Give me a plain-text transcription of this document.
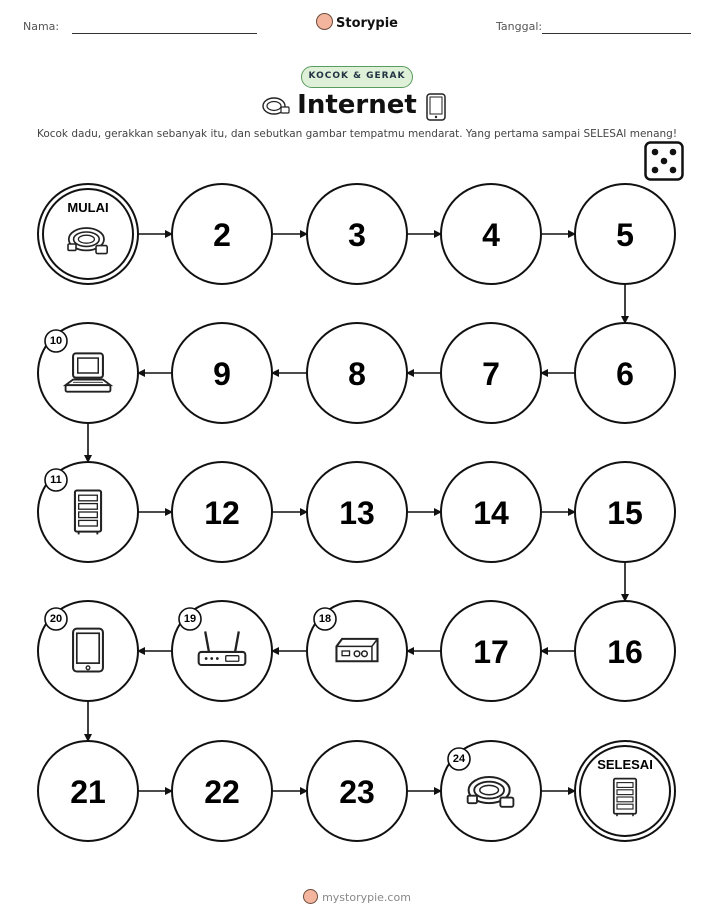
Nama:	Storypie	Tanggal:
KOCOK & GERAK
Internet
Kocok dadu, gerakkan sebanyak itu, dan sebutkan gambar tempatmu mendarat. Yang pertama sampai SELESAI menang!
MULAI
2	3	4	5
6
7
8
9
10
11
12	13	14	15
16
17
18
19
20
21	22	23
24	SELESAI
mystorypie.com
